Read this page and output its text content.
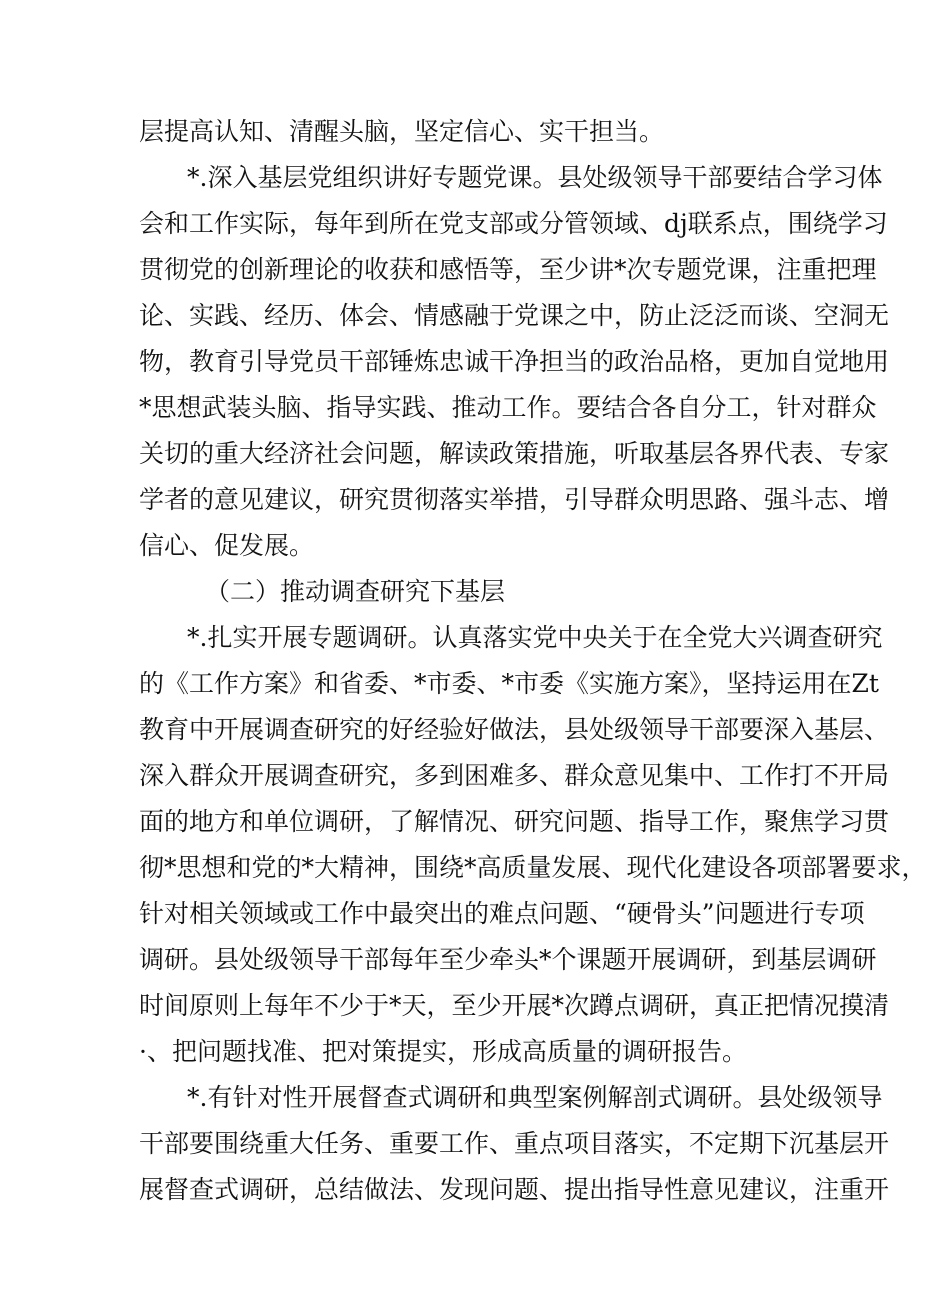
层提高认知、清醒头脑，坚定信心、实干担当。
*.深入基层党组织讲好专题党课。县处级领导干部要结合学习体
会和工作实际，每年到所在党支部或分管领域、dj联系点，围绕学习
贯彻党的创新理论的收获和感悟等，至少讲*次专题党课，注重把理
论、实践、经历、体会、情感融于党课之中，防止泛泛而谈、空洞无
物，教育引导党员干部锤炼忠诚干净担当的政治品格，更加自觉地用
*思想武装头脑、指导实践、推动工作。要结合各自分工，针对群众
关切的重大经济社会问题，解读政策措施，听取基层各界代表、专家
学者的意见建议，研究贯彻落实举措，引导群众明思路、强斗志、增
信心、促发展。
（二）推动调查研究下基层
*.扎实开展专题调研。认真落实党中央关于在全党大兴调查研究
的《工作方案》和省委、*市委、*市委《实施方案》，坚持运用在Zt
教育中开展调查研究的好经验好做法，县处级领导干部要深入基层、
深入群众开展调查研究，多到困难多、群众意见集中、工作打不开局
面的地方和单位调研，了解情况、研究问题、指导工作，聚焦学习贯
彻*思想和党的*大精神，围绕*高质量发展、现代化建设各项部署要求，
针对相关领域或工作中最突出的难点问题、“硬骨头”问题进行专项
调研。县处级领导干部每年至少牵头*个课题开展调研，到基层调研
时间原则上每年不少于*天，至少开展*次蹲点调研，真正把情况摸清
·、把问题找准、把对策提实，形成高质量的调研报告。
*.有针对性开展督查式调研和典型案例解剖式调研。县处级领导
干部要围绕重大任务、重要工作、重点项目落实，不定期下沉基层开
展督查式调研，总结做法、发现问题、提出指导性意见建议，注重开
